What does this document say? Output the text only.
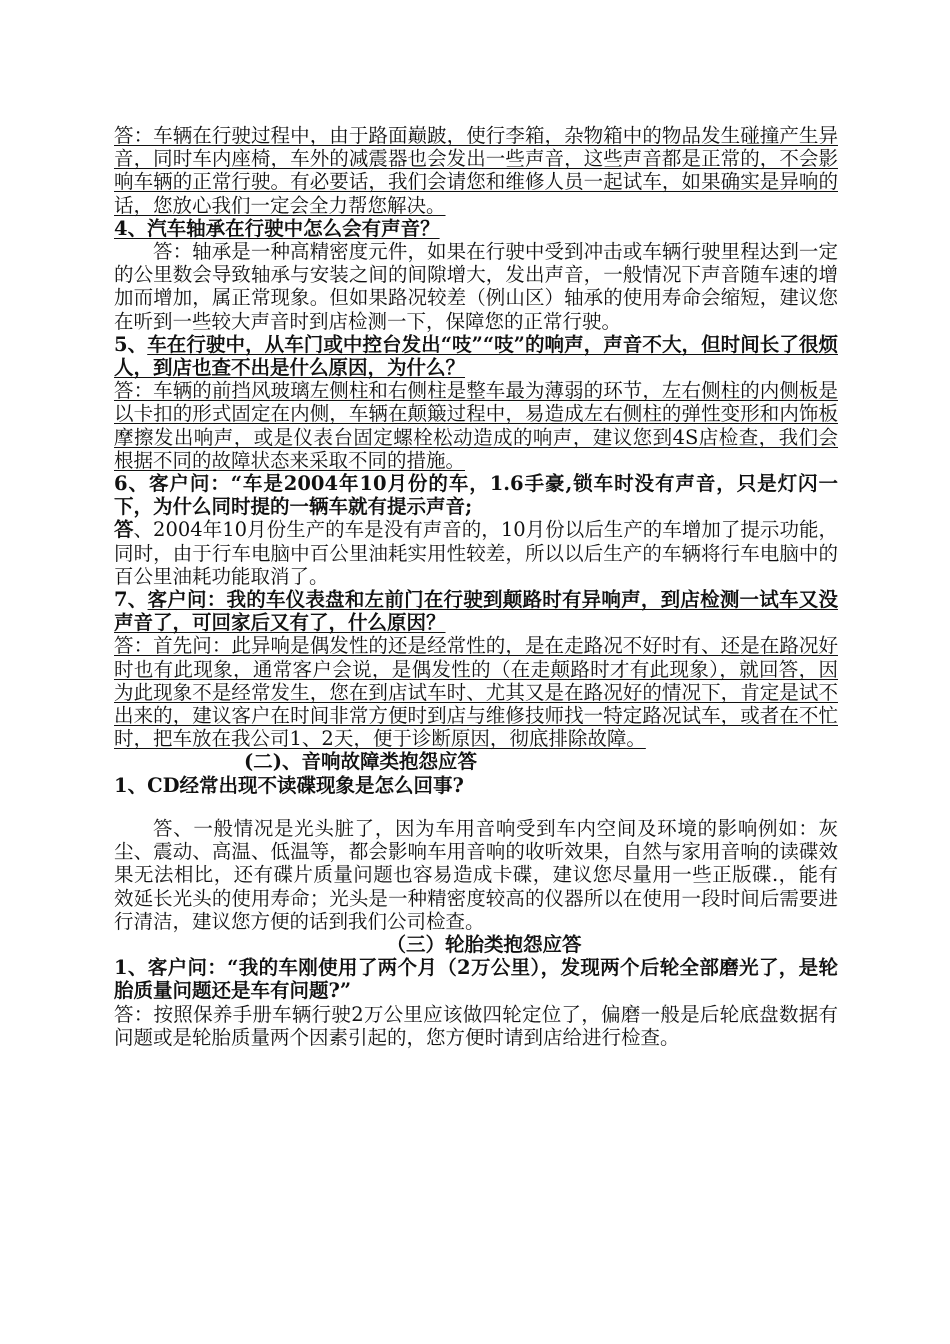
答：车辆在行驶过程中，由于路面巅跛，使行李箱，杂物箱中的物品发生碰撞产生异音，同时车内座椅，车外的减震器也会发出一些声音，这些声音都是正常的，不会影响车辆的正常行驶。有必要话，我们会请您和维修人员一起试车，如果确实是异响的话，您放心我们一定会全力帮您解决。

4、汽车轴承在行驶中怎么会有声音？

答：轴承是一种高精密度元件，如果在行驶中受到冲击或车辆行驶里程达到一定的公里数会导致轴承与安装之间的间隙增大，发出声音，一般情况下声音随车速的增加而增加，属正常现象。但如果路况较差（例山区）轴承的使用寿命会缩短，建议您在听到一些较大声音时到店检测一下，保障您的正常行驶。

5、车在行驶中，从车门或中控台发出“吱”“吱”的响声，声音不大，但时间长了很烦人，到店也查不出是什么原因，为什么？

答：车辆的前挡风玻璃左侧柱和右侧柱是整车最为薄弱的环节，左右侧柱的内侧板是以卡扣的形式固定在内侧，车辆在颠簸过程中，易造成左右侧柱的弹性变形和内饰板摩擦发出响声，或是仪表台固定螺栓松动造成的响声，建议您到4S店检查，我们会根据不同的故障状态来采取不同的措施。

6、客户问：“车是2004年10月份的车，1.6手豪,锁车时没有声音，只是灯闪一下，为什么同时提的一辆车就有提示声音;

答、2004年10月份生产的车是没有声音的，10月份以后生产的车增加了提示功能，同时，由于行车电脑中百公里油耗实用性较差，所以以后生产的车辆将行车电脑中的百公里油耗功能取消了。

7、客户问：我的车仪表盘和左前门在行驶到颠路时有异响声，到店检测一试车又没声音了，可回家后又有了，什么原因？

答：首先问：此异响是偶发性的还是经常性的，是在走路况不好时有、还是在路况好时也有此现象，通常客户会说，是偶发性的（在走颠路时才有此现象），就回答，因为此现象不是经常发生，您在到店试车时、尤其又是在路况好的情况下，肯定是试不出来的，建议客户在时间非常方便时到店与维修技师找一特定路况试车，或者在不忙时，把车放在我公司1、2天，便于诊断原因，彻底排除故障。

(二)、音响故障类抱怨应答

1、CD经常出现不读碟现象是怎么回事?

答、一般情况是光头脏了，因为车用音响受到车内空间及环境的影响例如：灰尘、震动、高温、低温等，都会影响车用音响的收听效果，自然与家用音响的读碟效果无法相比，还有碟片质量问题也容易造成卡碟，建议您尽量用一些正版碟.，能有 效延长光头的使用寿命；光头是一种精密度较高的仪器所以在使用一段时间后需要进行清洁，建议您方便的话到我们公司检查。

（三）轮胎类抱怨应答

1、客户问：“我的车刚使用了两个月（2万公里），发现两个后轮全部磨光了，是轮胎质量问题还是车有问题?”

答：按照保养手册车辆行驶2万公里应该做四轮定位了，偏磨一般是后轮底盘数据有问题或是轮胎质量两个因素引起的，您方便时请到店给进行检查。
